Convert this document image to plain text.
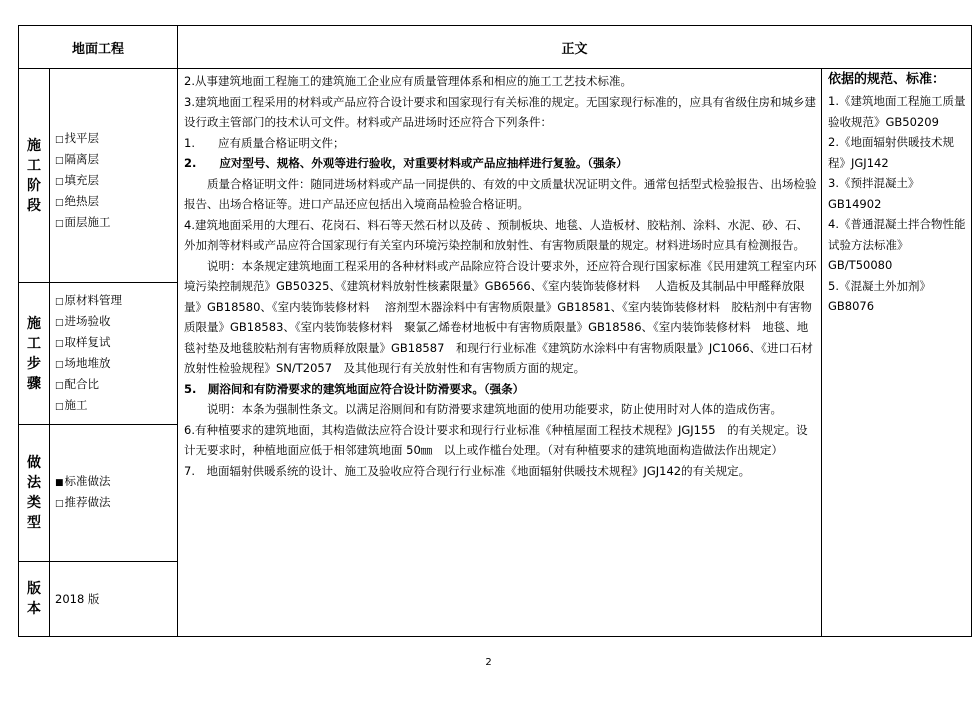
地面工程	正文
施
工
阶
段
□找平层
□隔离层
□填充层
□绝热层
□面层施工
施
工
步
骤
□原材料管理
□进场验收
□取样复试
□场地堆放
□配合比
□施工
做
法
类
型
■标准做法
□推荐做法
版
本
2018 版

2.从事建筑地面工程施工的建筑施工企业应有质量管理体系和相应的施工工艺技术标准。

3.建筑地面工程采用的材料或产品应符合设计要求和国家现行有关标准的规定。无国家现行标准的，应具有省级住房和城乡建设行政主管部门的技术认可文件。材料或产品进场时还应符合下列条件：

1.　　应有质量合格证明文件；

2.　　应对型号、规格、外观等进行验收，对重要材料或产品应抽样进行复验。（强条）

质量合格证明文件：随同进场材料或产品一同提供的、有效的中文质量状况证明文件。通常包括型式检验报告、出场检验报告、出场合格证等。进口产品还应包括出入境商品检验合格证明。

4.建筑地面采用的大理石、花岗石、料石等天然石材以及砖 、预制板块、地毯、人造板材、胶粘剂、涂料、水泥、砂、石、外加剂等材料或产品应符合国家现行有关室内环境污染控制和放射性、有害物质限量的规定。材料进场时应具有检测报告。

说明：本条规定建筑地面工程采用的各种材料或产品除应符合设计要求外，还应符合现行国家标准《民用建筑工程室内环境污染控制规范》GB50325、《建筑材料放射性核素限量》GB6566、《室内装饰装修材料　 人造板及其制品中甲醛释放限量》GB18580、《室内装饰装修材料　 溶剂型木器涂料中有害物质限量》GB18581、《室内装饰装修材料　胶粘剂中有害物质限量》GB18583、《室内装饰装修材料　聚氯乙烯卷材地板中有害物质限量》GB18586、《室内装饰装修材料　地毯、地毯衬垫及地毯胶粘剂有害物质释放限量》GB18587　和现行行业标准《建筑防水涂料中有害物质限量》JC1066、《进口石材放射性检验规程》SN/T2057　及其他现行有关放射性和有害物质方面的规定。

5.　厕浴间和有防滑要求的建筑地面应符合设计防滑要求。（强条）

说明：本条为强制性条文。以满足浴厕间和有防滑要求建筑地面的使用功能要求，防止使用时对人体的造成伤害。

6.有种植要求的建筑地面，其构造做法应符合设计要求和现行行业标准《种植屋面工程技术规程》JGJ155　的有关规定。设计无要求时，种植地面应低于相邻建筑地面 50㎜　以上或作槛台处理。（对有种植要求的建筑地面构造做法作出规定）

7.　地面辐射供暖系统的设计、施工及验收应符合现行行业标准《地面辐射供暖技术规程》JGJ142的有关规定。

依据的规范、标准：
1.《建筑地面工程施工质量验收规范》GB50209
2.《地面辐射供暖技术规程》JGJ142
3.《预拌混凝土》GB14902
4.《普通混凝土拌合物性能试验方法标准》GB/T50080
5.《混凝土外加剂》GB8076
2
